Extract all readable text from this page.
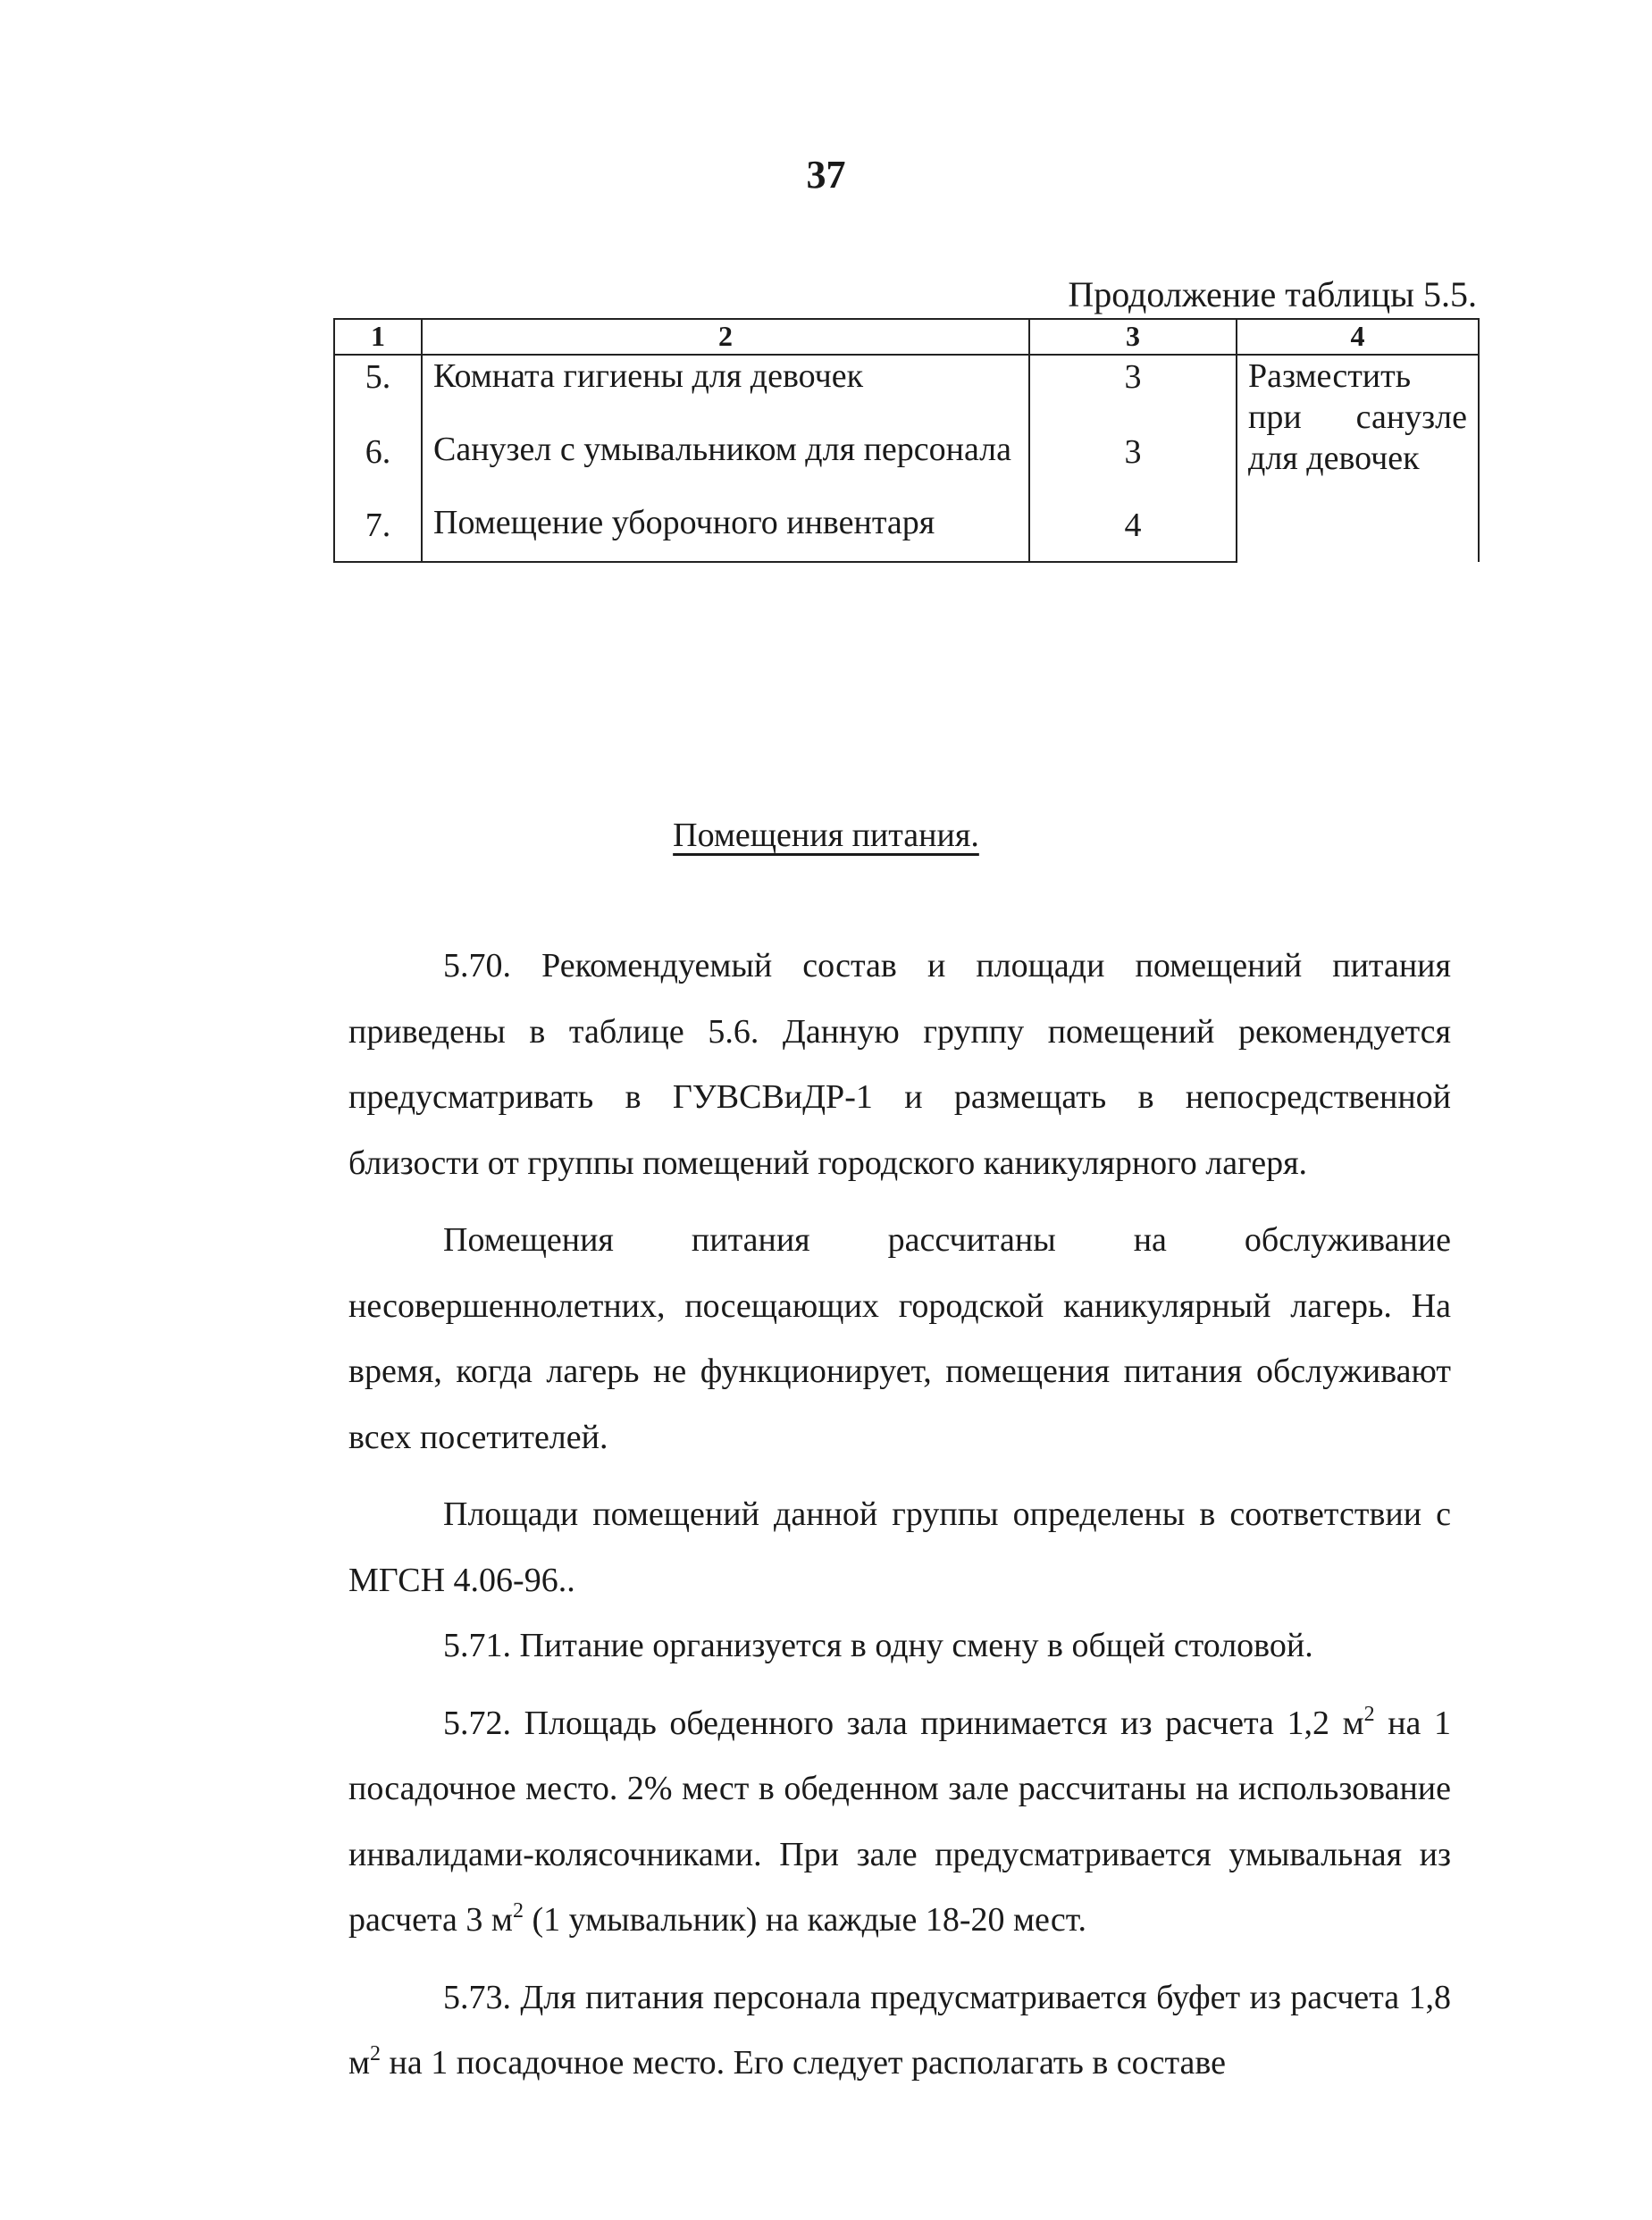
37
Продолжение таблицы 5.5.
1	2	3	4
5.	Комната гигиены для девочек	3	Разместить при санузле для девочек
6.	Санузел с умывальником для персонала	3	
7.	Помещение уборочного инвентаря	4	
Помещения питания.

5.70. Рекомендуемый состав и площади помещений питания приведены в таблице 5.6. Данную группу помещений рекомендуется предусматривать в ГУВСВиДР-1 и размещать в непосредственной близости от группы помещений городского каникулярного лагеря.

Помещения питания рассчитаны на обслуживание несовершеннолетних, посещающих городской каникулярный лагерь. На время, когда лагерь не функционирует, помещения питания обслуживают всех посетителей.

Площади помещений данной группы определены в соответствии с МГСН 4.06-96..

5.71. Питание организуется в одну смену в общей столовой.

5.72. Площадь обеденного зала принимается из расчета 1,2 $м^2$ на 1 посадочное место. 2% мест в обеденном зале рассчитаны на использование инвалидами-колясочниками. При зале предусматривается умывальная из расчета 3 $м^2$ (1 умывальник) на каждые 18-20 мест.

5.73. Для питания персонала предусматривается буфет из расчета 1,8 $м^2$ на 1 посадочное место. Его следует располагать в составе
